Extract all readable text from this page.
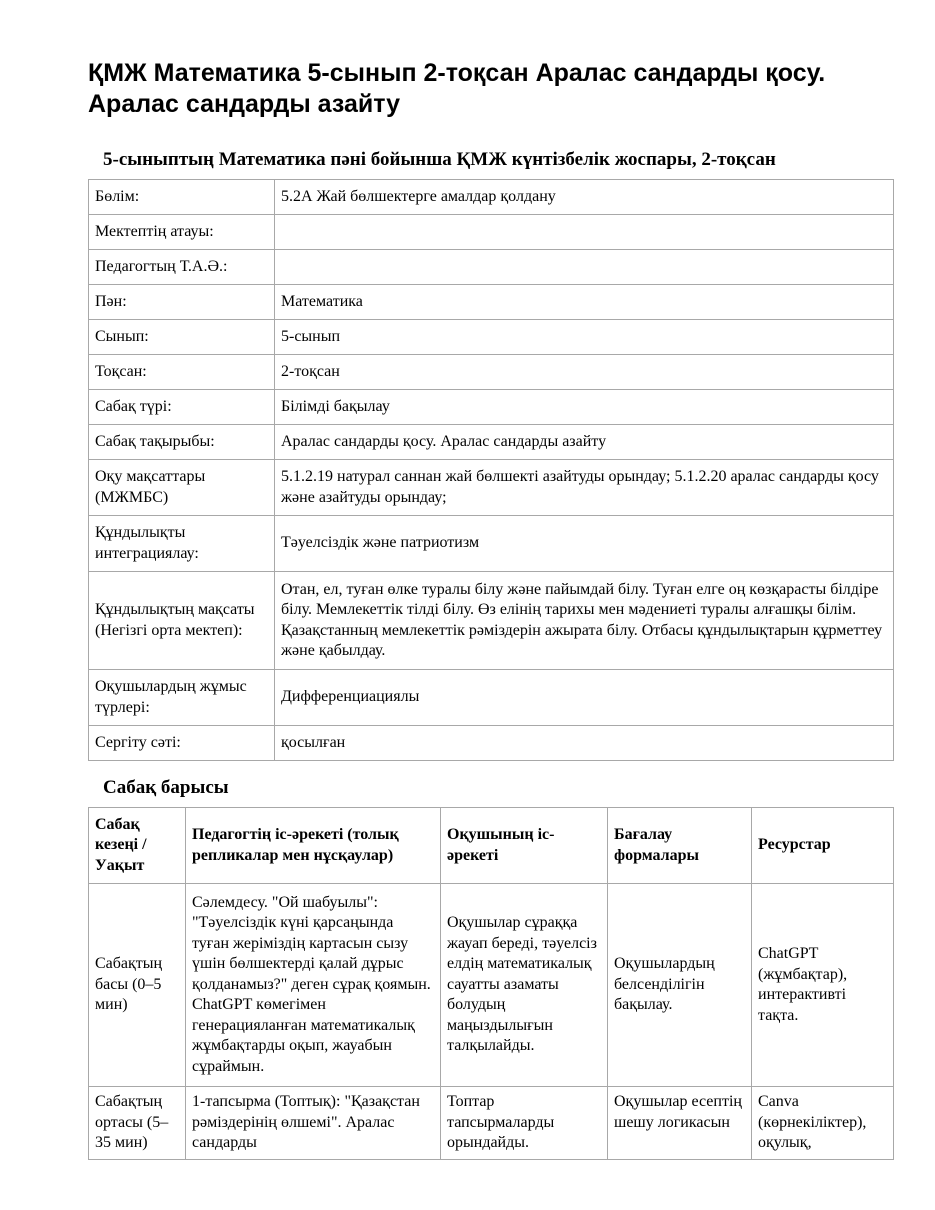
ҚМЖ Математика 5-сынып 2-тоқсан Аралас сандарды қосу. Аралас сандарды азайту
5-сыныптың Математика пәні бойынша ҚМЖ күнтізбелік жоспары, 2-тоқсан
Бөлім:	5.2А Жай бөлшектерге амалдар қолдану
Мектептің атауы:	
Педагогтың Т.А.Ә.:	
Пән:	Математика
Сынып:	5-сынып
Тоқсан:	2-тоқсан
Сабақ түрі:	Білімді бақылау
Сабақ тақырыбы:	Аралас сандарды қосу. Аралас сандарды азайту
Оқу мақсаттары (МЖМБС)	5.1.2.19 натурал саннан жай бөлшекті азайтуды орындау; 5.1.2.20 аралас сандарды қосу және азайтуды орындау;
Құндылықты интеграциялау:	Тәуелсіздік және патриотизм
Құндылықтың мақсаты (Негізгі орта мектеп):	Отан, ел, туған өлке туралы білу және пайымдай білу. Туған елге оң көзқарасты білдіре білу. Мемлекеттік тілді білу. Өз елінің тарихы мен мәдениеті туралы алғашқы білім. Қазақстанның мемлекеттік рәміздерін ажырата білу. Отбасы құндылықтарын құрметтеу және қабылдау.
Оқушылардың жұмыс түрлері:	Дифференциациялы
Сергіту сәті:	қосылған
Сабақ барысы
Сабақ кезеңі / Уақыт	Педагогтің іс-әрекеті (толық репликалар мен нұсқаулар)	Оқушының іс-әрекеті	Бағалау формалары	Ресурстар
Сабақтың басы (0–5 мин)	Сәлемдесу. "Ой шабуылы": "Тәуелсіздік күні қарсаңында туған жеріміздің картасын сызу үшін бөлшектерді қалай дұрыс қолданамыз?" деген сұрақ қоямын. ChatGPT көмегімен генерацияланған математикалық жұмбақтарды оқып, жауабын сұраймын.	Оқушылар сұраққа жауап береді, тәуелсіз елдің математикалық сауатты азаматы болудың маңыздылығын талқылайды.	Оқушылардың белсенділігін бақылау.	ChatGPT (жұмбақтар), интерактивті тақта.
Сабақтың ортасы (5–35 мин)	1-тапсырма (Топтық): "Қазақстан рәміздерінің өлшемі". Аралас сандарды	Топтар тапсырмаларды орындайды.	Оқушылар есептің шешу логикасын	Canva (көрнекіліктер), оқулық,
